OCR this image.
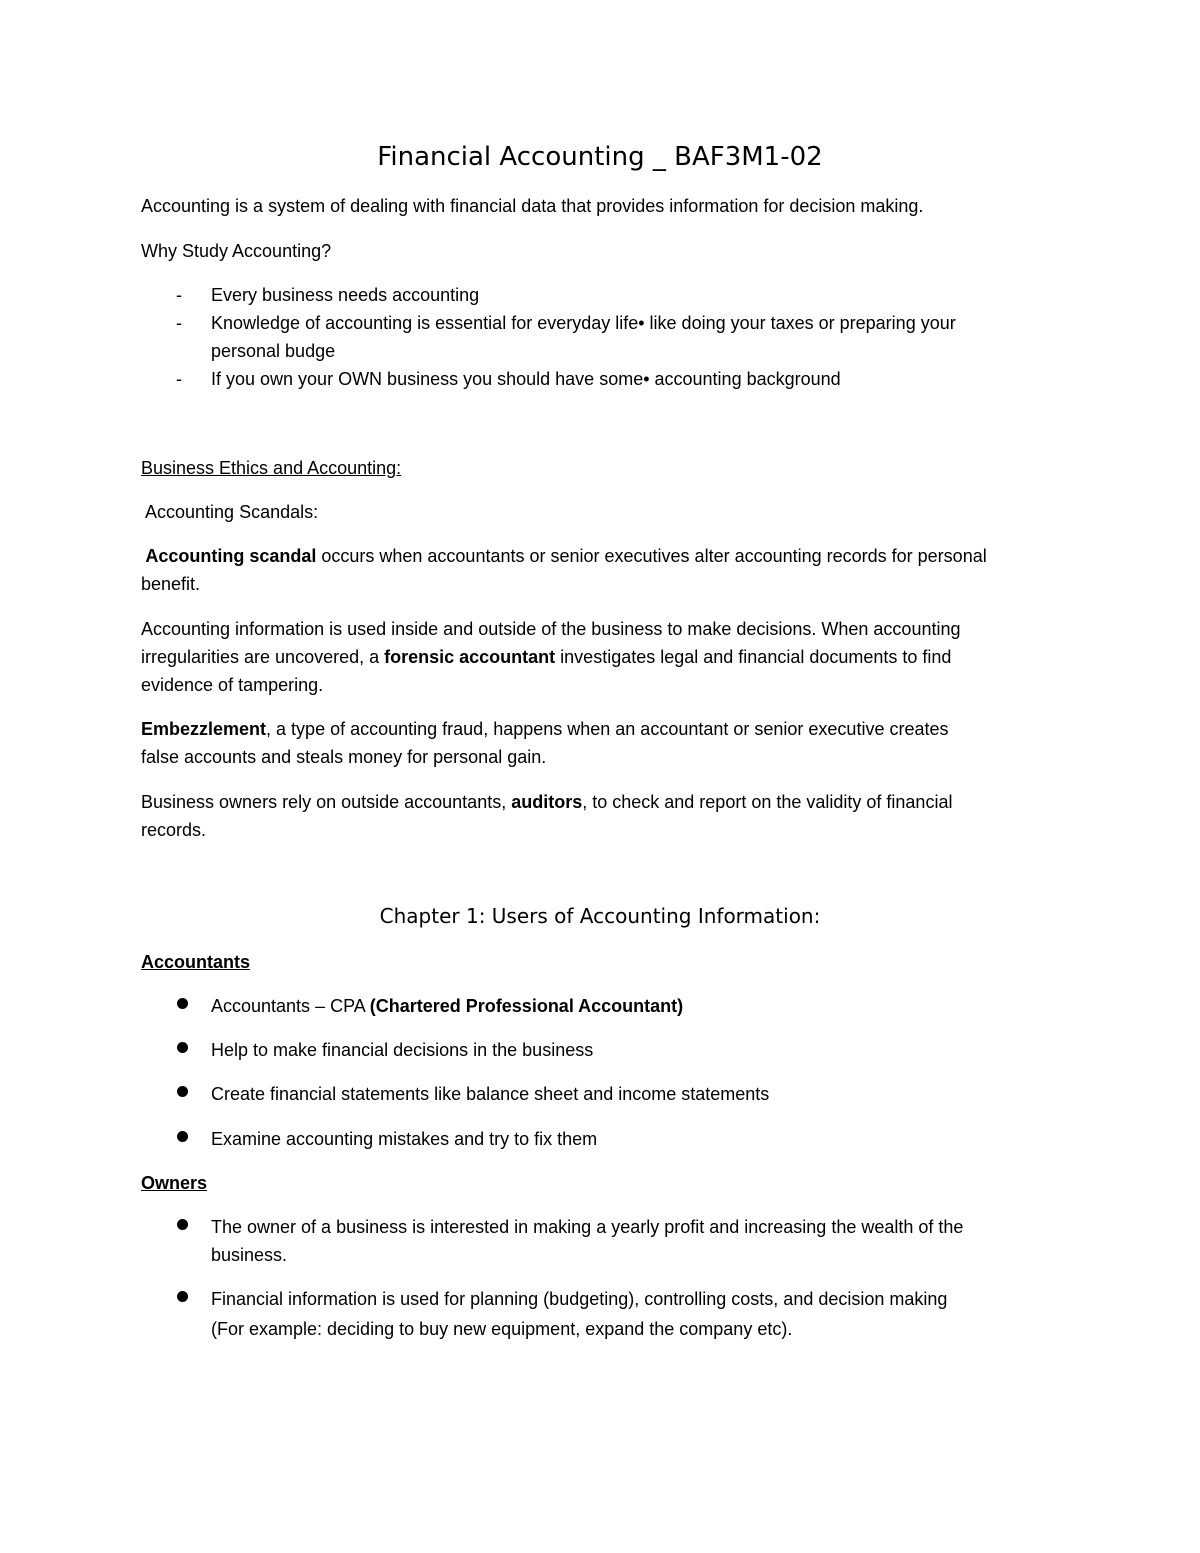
Financial Accounting _ BAF3M1-02
Accounting is a system of dealing with financial data that provides information for decision making.
Why Study Accounting?
- Every business needs accounting
- Knowledge of accounting is essential for everyday life• like doing your taxes or preparing your
personal budge
- If you own your OWN business you should have some• accounting background
Business Ethics and Accounting:
Accounting Scandals:
Accounting scandal occurs when accountants or senior executives alter accounting records for personal
benefit.
Accounting information is used inside and outside of the business to make decisions. When accounting
irregularities are uncovered, a forensic accountant investigates legal and financial documents to find
evidence of tampering.
Embezzlement, a type of accounting fraud, happens when an accountant or senior executive creates
false accounts and steals money for personal gain.
Business owners rely on outside accountants, auditors, to check and report on the validity of financial
records.
Chapter 1: Users of Accounting Information:
Accountants
Accountants – CPA (Chartered Professional Accountant)
Help to make financial decisions in the business
Create financial statements like balance sheet and income statements
Examine accounting mistakes and try to fix them
Owners
The owner of a business is interested in making a yearly profit and increasing the wealth of the
business.
Financial information is used for planning (budgeting), controlling costs, and decision making
(For example: deciding to buy new equipment, expand the company etc).
